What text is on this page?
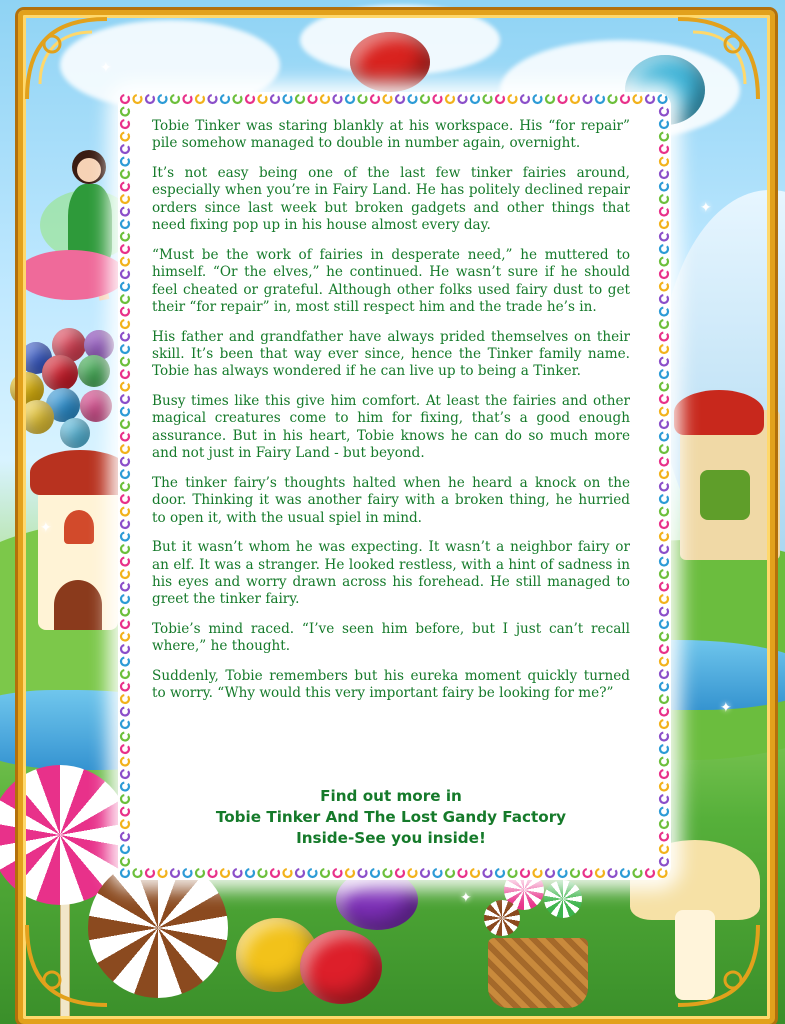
✦
✦
✦
✦
✦

Tobie Tinker was staring blankly at his workspace. His “for repair” pile somehow managed to double in number again, overnight.

It’s not easy being one of the last few tinker fairies around, especially when you’re in Fairy Land. He has politely declined repair orders since last week but broken gadgets and other things that need fixing pop up in his house almost every day.

“Must be the work of fairies in desperate need,” he muttered to himself. “Or the elves,” he continued. He wasn’t sure if he should feel cheated or grateful. Although other folks used fairy dust to get their “for repair” in, most still respect him and the trade he’s in.

His father and grandfather have always prided themselves on their skill. It’s been that way ever since, hence the Tinker family name. Tobie has always wondered if he can live up to being a Tinker.

Busy times like this give him comfort. At least the fairies and other magical creatures come to him for fixing, that’s a good enough assurance. But in his heart, Tobie knows he can do so much more and not just in Fairy Land - but beyond.

The tinker fairy’s thoughts halted when he heard a knock on the door. Thinking it was another fairy with a broken thing, he hurried to open it, with the usual spiel in mind.

But it wasn’t whom he was expecting. It wasn’t a neighbor fairy or an elf. It was a stranger. He looked restless, with a hint of sadness in his eyes and worry drawn across his forehead. He still managed to greet the tinker fairy.

Tobie’s mind raced. “I’ve seen him before, but I just can’t recall where,” he thought.

Suddenly, Tobie remembers but his eureka moment quickly turned to worry. “Why would this very important fairy be looking for me?”

Find out more in
Tobie Tinker And The Lost Gandy Factory
Inside-See you inside!
